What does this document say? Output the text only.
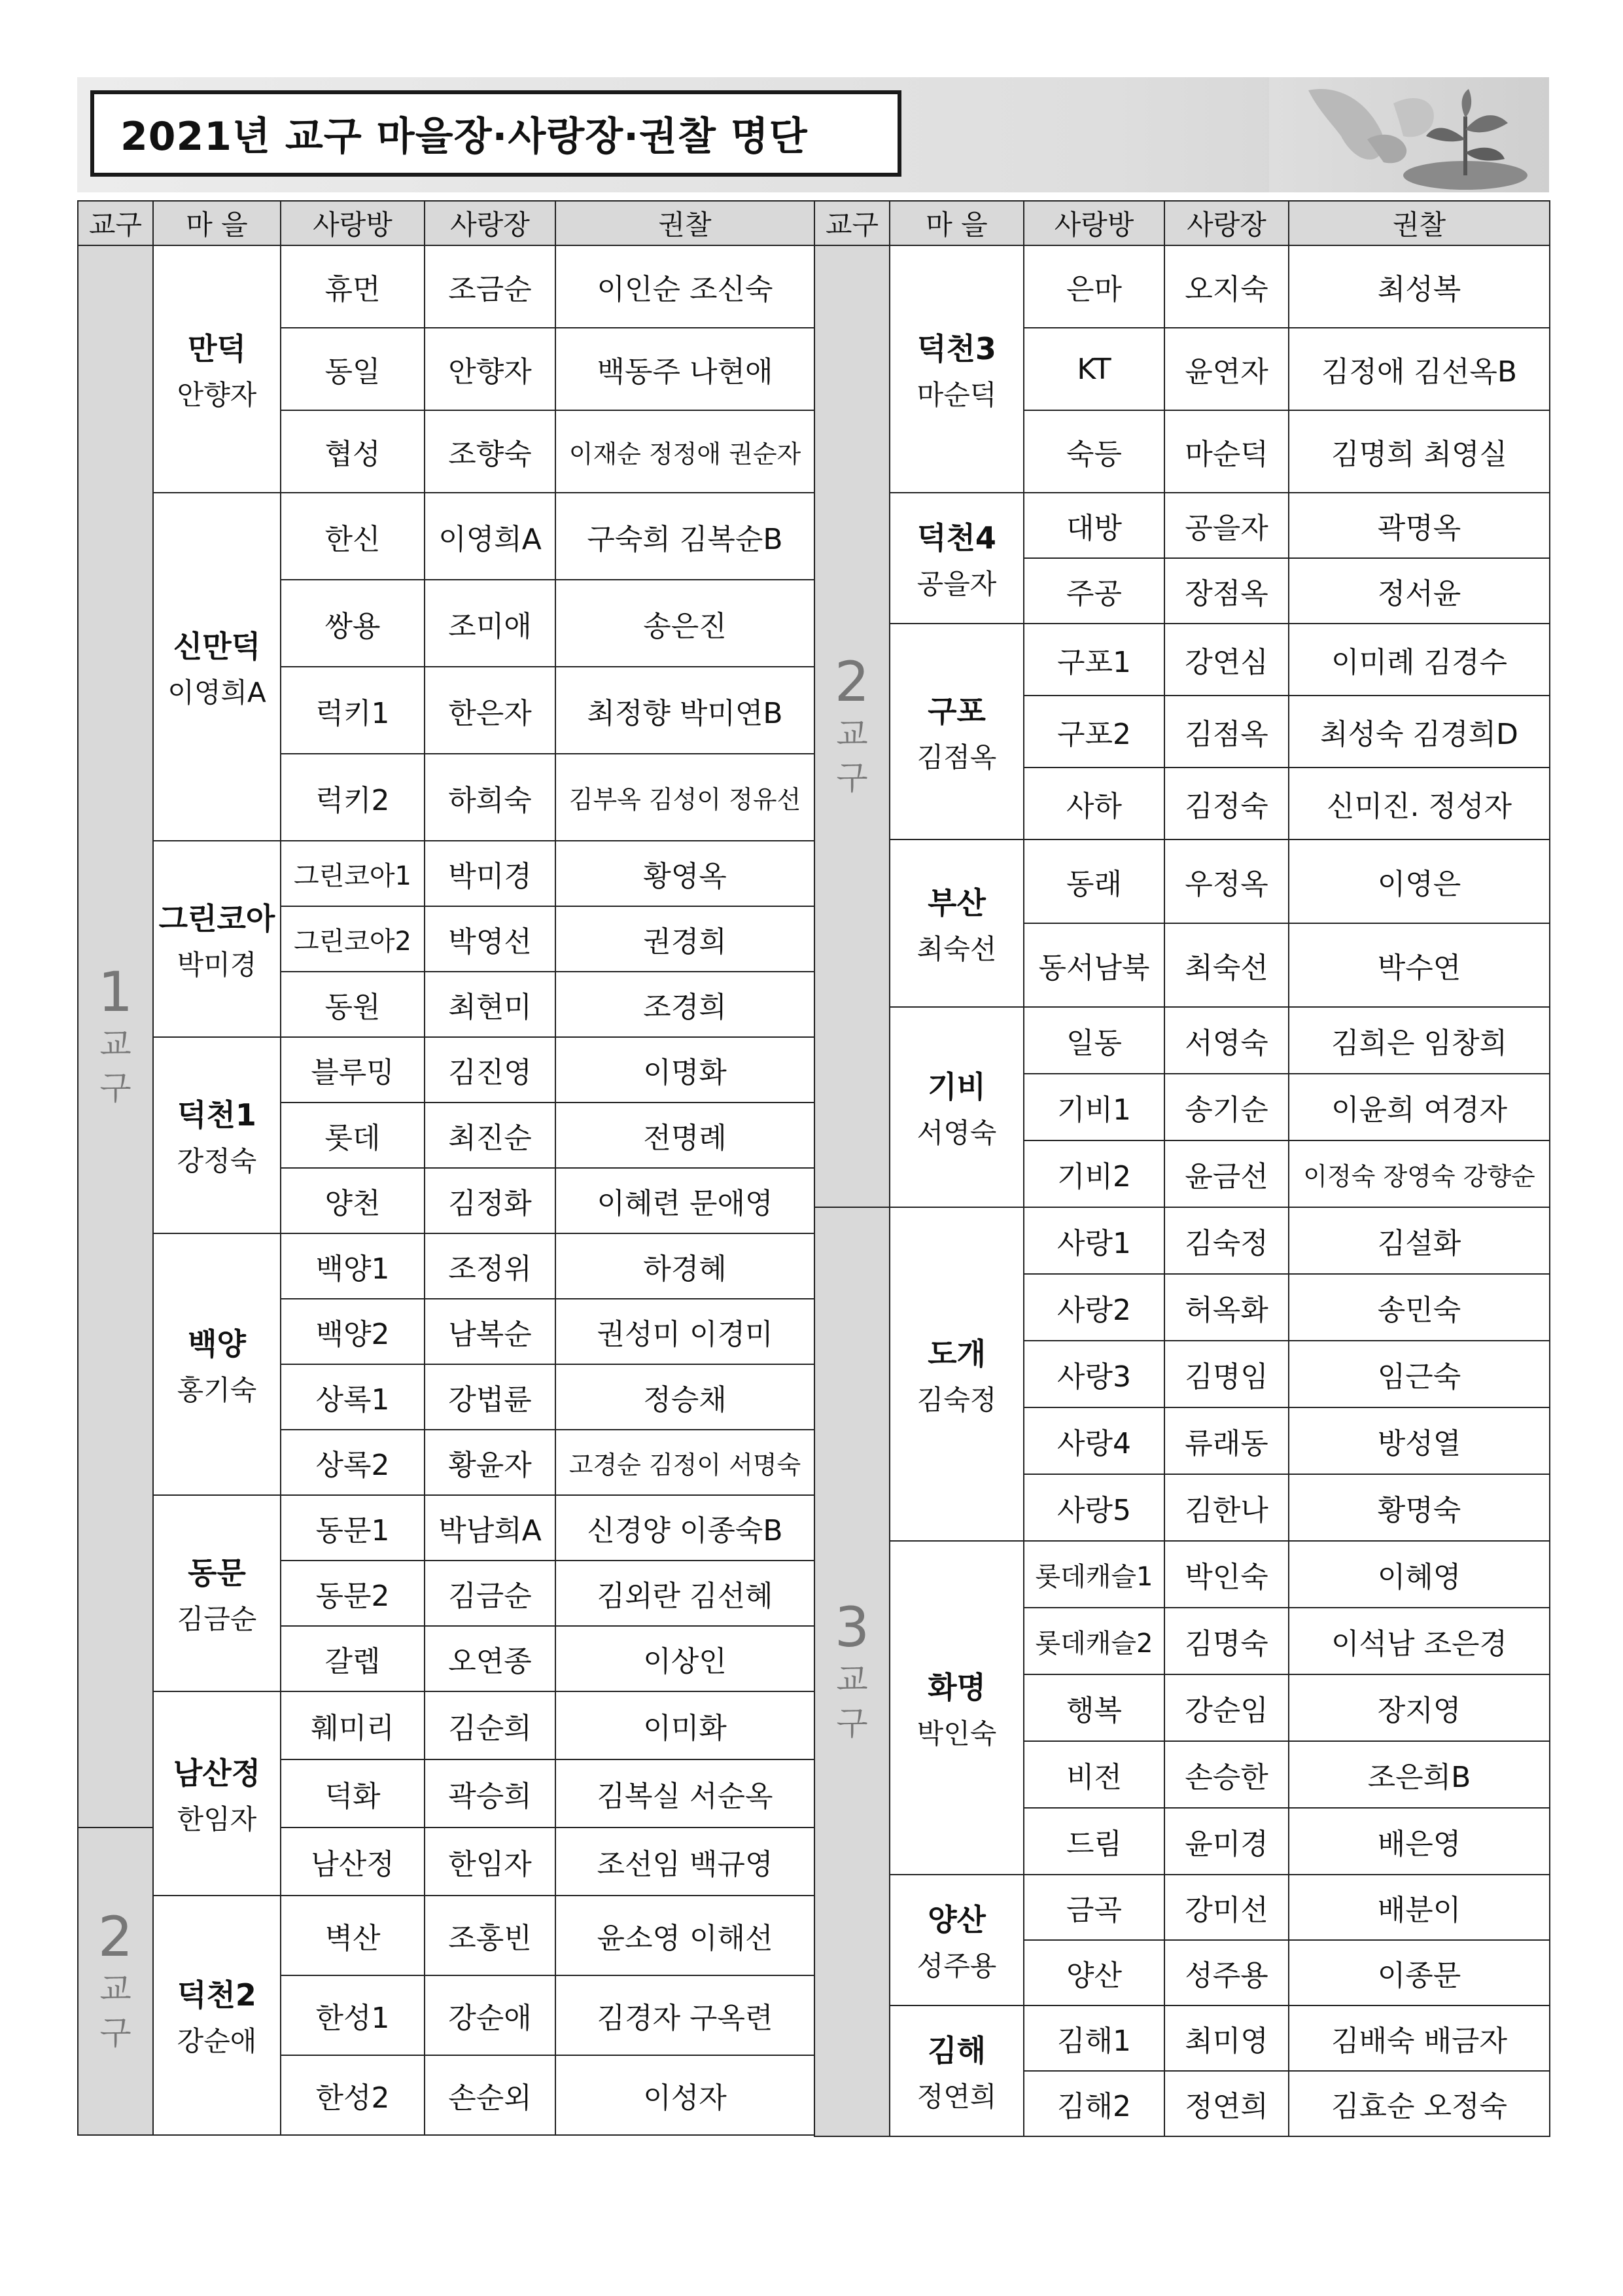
2021년 교구 마을장·사랑장·권찰 명단
교구	마 을	사랑방	사랑장	권찰

1
교
구	만덕
안향자	휴먼	조금순	이인순 조신숙
		동일	안향자	백동주 나현애
		협성	조향숙	이재순 정정애 권순자

	신만덕
이영희A	한신	이영희A	구숙희 김복순B
		쌍용	조미애	송은진
		럭키1	한은자	최정향 박미연B
		럭키2	하희숙	김부옥 김성이 정유선

	그린코아
박미경	그린코아1	박미경	황영옥
		그린코아2	박영선	권경희
		동원	최현미	조경희

	덕천1
강정숙	블루밍	김진영	이명화
		롯데	최진순	전명례
		양천	김정화	이혜련 문애영

	백양
홍기숙	백양1	조정위	하경혜
		백양2	남복순	권성미 이경미
		상록1	강법륜	정승채
		상록2	황윤자	고경순 김정이 서명숙

	동문
김금순	동문1	박남희A	신경양 이종숙B
		동문2	김금순	김외란 김선혜
		갈렙	오연종	이상인

	남산정
한임자	훼미리	김순희	이미화
		덕화	곽승희	김복실 서순옥

2
교
구		남산정	한임자	조선임 백규영

	덕천2
강순애	벽산	조홍빈	윤소영 이해선
		한성1	강순애	김경자 구옥련
		한성2	손순외	이성자
교구	마 을	사랑방	사랑장	권찰

2
교
구	덕천3
마순덕	은마	오지숙	최성복
		KT	윤연자	김정애 김선옥B
		숙등	마순덕	김명희 최영실

	덕천4
공을자	대방	공을자	곽명옥
		주공	장점옥	정서윤

	구포
김점옥	구포1	강연심	이미례 김경수
		구포2	김점옥	최성숙 김경희D
		사하	김정숙	신미진. 정성자

	부산
최숙선	동래	우정옥	이영은
		동서남북	최숙선	박수연

	기비
서영숙	일동	서영숙	김희은 임창희
		기비1	송기순	이윤희 여경자
		기비2	윤금선	이정숙 장영숙 강향순

3
교
구	도개
김숙정	사랑1	김숙정	김설화
		사랑2	허옥화	송민숙
		사랑3	김명임	임근숙
		사랑4	류래동	방성열
		사랑5	김한나	황명숙

	화명
박인숙	롯데캐슬1	박인숙	이혜영
		롯데캐슬2	김명숙	이석남 조은경
		행복	강순임	장지영
		비전	손승한	조은희B
		드림	윤미경	배은영

	양산
성주용	금곡	강미선	배분이
		양산	성주용	이종문

	김해
정연희	김해1	최미영	김배숙 배금자
		김해2	정연희	김효순 오정숙
